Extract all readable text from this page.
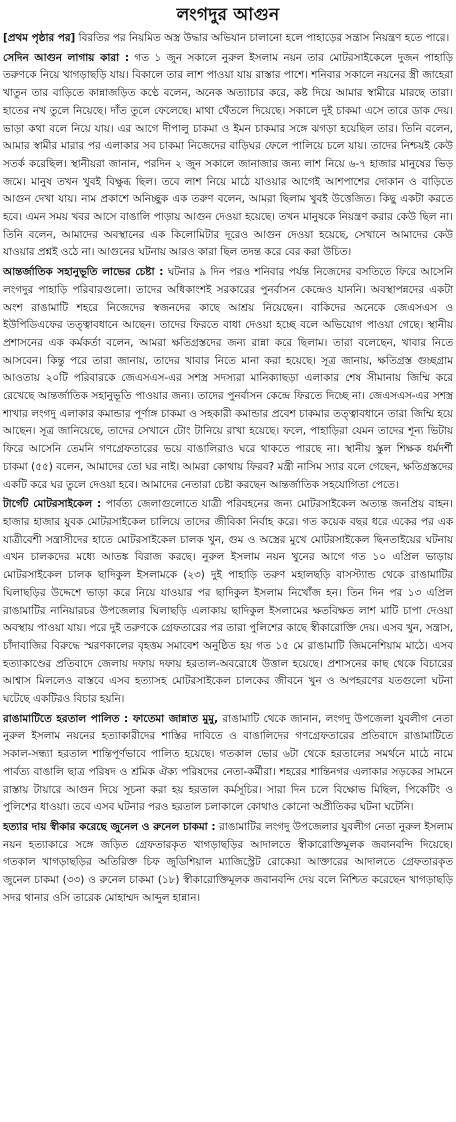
লংগদুর আগুন

[প্রথম পৃষ্ঠার পর] বিরতির পর নিয়মিত অস্ত্র উদ্ধার অভিযান চালানো হলে পাহাড়ের সন্ত্রাস নিয়ন্ত্রণ হতে পারে।

সেদিন আগুন লাগায় কারা : গত ১ জুন সকালে নুরুল ইসলাম নয়ন তার মোটরসাইকেলে দুজন পাহাড়ি তরুণকে নিয়ে খাগড়াছড়ি যায়। বিকালে তার লাশ পাওয়া যায় রাস্তার পাশে। শনিবার সকালে নয়নের স্ত্রী জাহেরা খাতুন তার বাড়িতে কান্নাজড়িত কণ্ঠে বলেন, অনেক অত্যাচার করে, কষ্ট দিয়ে আমার স্বামীরে মারছে তারা। হাতের নখ তুলে নিয়েছে। দাঁত তুলে ফেলেছে। মাথা থেঁতলে দিয়েছে। সকালে দুই চাকমা এসে তারে ডাক দেয়। ভাড়া কথা বলে নিয়ে যায়। এর আগে দীপালু চাকমা ও ইমন চাকমার সঙ্গে ঝগড়া হয়েছিল তার। তিনি বলেন, আমার স্বামীর মারার পর এলাকার সব চাকমা নিজেদের বাড়িঘর ফেলে পালিয়ে চলে যায়। তাদের নিশ্চয়ই কেউ সতর্ক করেছিল। স্থানীয়রা জানান, পরদিন ২ জুন সকালে জানাজার জন্য লাশ নিয়ে ৬-৭ হাজার মানুষের ভিড় জমে। মানুষ তখন খুবই বিক্ষুব্ধ ছিল। তবে লাশ নিয়ে মাঠে যাওয়ার আগেই আশপাশের দোকান ও বাড়িতে আগুন দেখা যায়। নাম প্রকাশে অনিচ্ছুক এক তরুণ বলেন, আমরা ছিলাম খুবই উত্তেজিত। কিছু একটা করতে হবে। এমন সময় খবর আসে বাঙালি পাড়ায় আগুন দেওয়া হয়েছে। তখন মানুষকে নিয়ন্ত্রণ করার কেউ ছিল না। তিনি বলেন, আমাদের অবস্থানের এক কিলোমিটার দূরেও আগুন দেওয়া হয়েছে, সেখানে আমাদের কেউ যাওয়ার প্রশ্নই ওঠে না। আগুনের ঘটনায় আরও কারা ছিল তদন্ত করে বের করা উচিত।

আন্তর্জাতিক সহানুভূতি লাভের চেষ্টা : ঘটনার ৯ দিন পরও শনিবার পর্যন্ত নিজেদের বসতিতে ফিরে আসেনি লংগদুর পাহাড়ি পরিবারগুলো। তাদের অধিকাংশই সরকারের পুনর্বাসন কেন্দ্রেও যাননি। অবস্থাপন্নদের একটা অংশ রাঙামাটি শহরে নিজেদের স্বজনদের কাছে আশ্রয় নিয়েছেন। বাকিদের অনেকে জেএসএস ও ইউপিডিএফের তত্ত্বাবধানে আছেন। তাদের ফিরতে বাধা দেওয়া হচ্ছে বলে অভিযোগ পাওয়া গেছে। স্থানীয় প্রশাসনের এক কর্মকর্তা বলেন, আমরা ক্ষতিগ্রস্তদের জন্য রান্না করে ছিলাম। তারা বলেছেন, খাবার নিতে আসবেন। কিন্তু পরে তারা জানায়, তাদের খাবার নিতে মানা করা হয়েছে। সূত্র জানায়, ক্ষতিগ্রস্ত গুচ্ছগ্রাম আওতায় ২০টি পরিবারকে জেএসএস-এর সশস্ত্র সদস্যরা মানিক্যাছড়া এলাকার শেষ সীমানায় জিম্মি করে রেখেছে আন্তর্জাতিক সহানুভূতি পাওয়ার জন্য। তাদের পুনর্বাসন কেন্দ্রে ফিরতে দিচ্ছে না। জেএসএস-এর সশস্ত্র শাখার লংগদু এলাকার কমান্ডার পূর্ণাঙ্গ চাকমা ও সহকারী কমান্ডার প্রবেশ চাকমার তত্ত্বাবধানে তারা জিম্মি হয়ে আছেন। সূত্র জানিয়েছে, তাদের সেখানে টোং টানিয়ে রাখা হয়েছে। ফলে, পাহাড়িরা যেমন তাদের শূন্য ভিটায় ফিরে আসেনি তেমনি গণগ্রেফতারের ভয়ে বাঙালিরাও ঘরে থাকতে পারছে না। স্থানীয় স্কুল শিক্ষক ধর্মদর্শী চাকমা (৫৫) বলেন, আমাদের তো ঘর নাই। আমরা কোথায় ফিরব? মন্ত্রী নাসিম স্যার বলে গেছেন, ক্ষতিগ্রস্তদের একটি করে ঘর তুলে দেওয়া হবে। আমাদের নেতারা চেষ্টা করছেন আন্তর্জাতিক সহযোগিতা পেতে।

টার্গেট মোটরসাইকেল : পার্বত্য জেলাগুলোতে যাত্রী পরিবহনের জন্য মোটরসাইকেল অত্যন্ত জনপ্রিয় বাহন। হাজার হাজার যুবক মোটরসাইকেল চালিয়ে তাদের জীবিকা নির্বাহ করে। গত কয়েক বছর ধরে একের পর এক যাত্রীবেশী সন্ত্রাসীদের হাতে মোটরসাইকেল চালক খুন, গুম ও অস্ত্রের মুখে মোটরসাইকেল ছিনতাইয়ের ঘটনায় এখন চালকদের মধ্যে আতঙ্ক বিরাজ করছে। নুরুল ইসলাম নয়ন খুনের আগে গত ১০ এপ্রিল ভাড়ায় মোটরসাইকেল চালক ছাদিকুল ইসলামকে (২৩) দুই পাহাড়ি তরুণ মহালছড়ি বাসস্ট্যান্ড থেকে রাঙামাটির ঘিলাছড়ির উদ্দেশে ভাড়া করে নিয়ে যাওয়ার পর ছাদিকুল ইসলাম নিখোঁজ হন। তিন দিন পর ১৩ এপ্রিল রাঙামাটির নানিয়ারচর উপজেলার ঘিলাছড়ি এলাকায় ছাদিকুল ইসলামের ক্ষতবিক্ষত লাশ মাটি চাপা দেওয়া অবস্থায় পাওয়া যায়। পরে দুই তরুণকে গ্রেফতারের পর তারা পুলিশের কাছে স্বীকারোক্তি দেয়। এসব খুন, সন্ত্রাস, চাঁদাবাজির বিরুদ্ধে স্মরণকালের বৃহত্তম সমাবেশ অনুষ্ঠিত হয় গত ১৫ মে রাঙামাটি জিমনেশিয়াম মাঠে। এসব হত্যাকাণ্ডের প্রতিবাদে জেলায় দফায় দফায় হরতাল-অবরোধে উত্তাল হয়েছে। প্রশাসনের কাছ থেকে বিচারের আশ্বাস মিললেও বাস্তবে এসব হত্যাসহ মোটরসাইকেল চালকের জীবনে খুন ও অপহরণের যতগুলো ঘটনা ঘটেছে একটিরও বিচার হয়নি।

রাঙামাটিতে হরতাল পালিত : ফাতেমা জান্নাত মুমু, রাঙামাটি থেকে জানান, লংগদু উপজেলা যুবলীগ নেতা নুরুল ইসলাম নয়নের হত্যাকারীদের শাস্তির দাবিতে ও বাঙালিদের গণগ্রেফতারের প্রতিবাদে রাঙামাটিতে সকাল-সন্ধ্যা হরতাল শান্তিপূর্ণভাবে পালিত হয়েছে। গতকাল ভোর ৬টা থেকে হরতালের সমর্থনে মাঠে নামে পার্বত্য বাঙালি ছাত্র পরিষদ ও শ্রমিক ঐক্য পরিষদের নেতা-কর্মীরা। শহরের শান্তিনগর এলাকার সড়কের সামনে রাস্তায় টায়ারে আগুন দিয়ে সূচনা করা হয় হরতাল কর্মসূচির। সারা দিন চলে বিক্ষোভ মিছিল, পিকেটিং ও পুলিশের ধাওয়া। তবে এসব ঘটনার পরও হরতাল চলাকালে কোথাও কোনো অপ্রীতিকর ঘটনা ঘটেনি।

হত্যার দায় স্বীকার করেছে জুনেল ও রুনেল চাকমা : রাঙামাটির লংগদু উপজেলার যুবলীগ নেতা নুরুল ইসলাম নয়ন হত্যাকারে সঙ্গে জড়িত গ্রেফতারকৃত খাগড়াছড়ির আদালতে স্বীকারোক্তিমূলক জবানবন্দি দিয়েছে। গতকাল খাগড়াছড়ির অতিরিক্ত চিফ জুডিশিয়াল ম্যাজিস্ট্রেট রোকেয়া আক্তারের আদালতে গ্রেফতারকৃত জুনেল চাকমা (৩৩) ও রুনেল চাকমা (১৮) স্বীকারোক্তিমূলক জবানবন্দি দেয় বলে নিশ্চিত করেছেন খাগড়াছড়ি সদর থানার ওসি তারেক মোহাম্মদ আব্দুল হান্নান।
